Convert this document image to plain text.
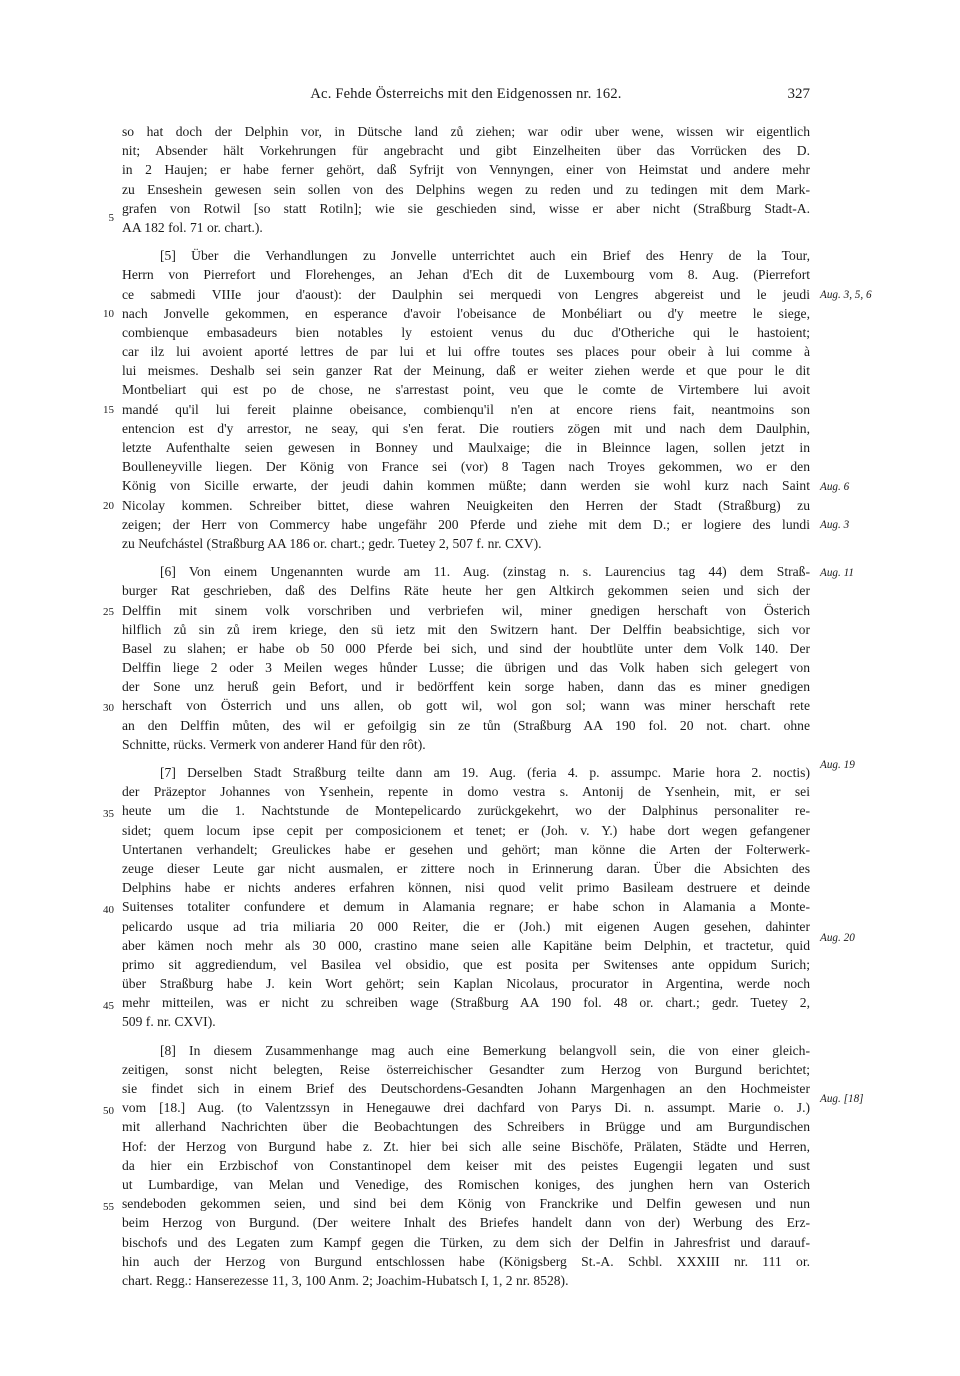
Ac. Fehde Österreichs mit den Eidgenossen nr. 162.	327
5
10
15
20
25
30
35
40
45
50
55
Aug. 3, 5, 6
Aug. 6
Aug. 3
Aug. 11
Aug. 19
Aug. 20
Aug. [18]
so hat doch der Delphin vor, in Dütsche land zů ziehen; war odir uber wene, wissen wir eigentlich
nit; Absender hält Vorkehrungen für angebracht und gibt Einzelheiten über das Vorrücken des D.
in 2 Haujen; er habe ferner gehört, daß Syfrijt von Vennyngen, einer von Heimstat und andere mehr
zu Enseshein gewesen sein sollen von des Delphins wegen zu reden und zu tedingen mit dem Mark-
grafen von Rotwil [so statt Rotiln]; wie sie geschieden sind, wisse er aber nicht (Straßburg Stadt-A.
AA 182 fol. 71 or. chart.).
[5] Über die Verhandlungen zu Jonvelle unterrichtet auch ein Brief des Henry de la Tour,
Herrn von Pierrefort und Florehenges, an Jehan d'Ech dit de Luxembourg vom 8. Aug. (Pierrefort
ce sabmedi VIIIe jour d'aoust): der Daulphin sei merquedi von Lengres abgereist und le jeudi
nach Jonvelle gekommen, en esperance d'avoir l'obeisance de Monbéliart ou d'y meetre le siege,
combienque embasadeurs bien notables ly estoient venus du duc d'Otheriche qui le hastoient;
car ilz lui avoient aporté lettres de par lui et lui offre toutes ses places pour obeir à lui comme à
lui meismes. Deshalb sei sein ganzer Rat der Meinung, daß er weiter ziehen werde et que pour le dit
Montbeliart qui est po de chose, ne s'arrestast point, veu que le comte de Virtembere lui avoit
mandé qu'il lui fereit plainne obeisance, combienqu'il n'en at encore riens fait, neantmoins son
entencion est d'y arrestor, ne seay, qui s'en ferat. Die routiers zögen mit und nach dem Daulphin,
letzte Aufenthalte seien gewesen in Bonney und Maulxaige; die in Bleinnce lagen, sollen jetzt in
Boulleneyville liegen. Der König von France sei (vor) 8 Tagen nach Troyes gekommen, wo er den
König von Sicille erwarte, der jeudi dahin kommen müßte; dann werden sie wohl kurz nach Saint
Nicolay kommen. Schreiber bittet, diese wahren Neuigkeiten den Herren der Stadt (Straßburg) zu
zeigen; der Herr von Commercy habe ungefähr 200 Pferde und ziehe mit dem D.; er logiere des lundi
zu Neufchástel (Straßburg AA 186 or. chart.; gedr. Tuetey 2, 507 f. nr. CXV).
[6] Von einem Ungenannten wurde am 11. Aug. (zinstag n. s. Laurencius tag 44) dem Straß-
burger Rat geschrieben, daß des Delfins Räte heute her gen Altkirch gekommen seien und sich der
Delffin mit sinem volk vorschriben und verbriefen wil, miner gnedigen herschaft von Österich
hilflich zů sin zů irem kriege, den sü ietz mit den Switzern hant. Der Delffin beabsichtige, sich vor
Basel zu slahen; er habe ob 50 000 Pferde bei sich, und sind der houbtlüte unter dem Volk 140. Der
Delffin liege 2 oder 3 Meilen weges hůnder Lusse; die übrigen und das Volk haben sich gelegert von
der Sone unz heruß gein Befort, und ir bedörffent kein sorge haben, dann das es miner gnedigen
herschaft von Österrich und uns allen, ob gott wil, wol gon sol; wann was miner herschaft rete
an den Delffin můten, des wil er gefoilgig sin ze tůn (Straßburg AA 190 fol. 20 not. chart. ohne
Schnitte, rücks. Vermerk von anderer Hand für den rôt).
[7] Derselben Stadt Straßburg teilte dann am 19. Aug. (feria 4. p. assumpc. Marie hora 2. noctis)
der Präzeptor Johannes von Ysenhein, repente in domo vestra s. Antonij de Ysenhein, mit, er sei
heute um die 1. Nachtstunde de Montepelicardo zurückgekehrt, wo der Dalphinus personaliter re-
sidet; quem locum ipse cepit per composicionem et tenet; er (Joh. v. Y.) habe dort wegen gefangener
Untertanen verhandelt; Greulickes habe er gesehen und gehört; man könne die Arten der Folterwerk-
zeuge dieser Leute gar nicht ausmalen, er zittere noch in Erinnerung daran. Über die Absichten des
Delphins habe er nichts anderes erfahren können, nisi quod velit primo Basileam destruere et deinde
Suitenses totaliter confundere et demum in Alamania regnare; er habe schon in Alamania a Monte-
pelicardo usque ad tria miliaria 20 000 Reiter, die er (Joh.) mit eigenen Augen gesehen, dahinter
aber kämen noch mehr als 30 000, crastino mane seien alle Kapitäne beim Delphin, et tractetur, quid
primo sit aggrediendum, vel Basilea vel obsidio, que est posita per Switenses ante oppidum Surich;
über Straßburg habe J. kein Wort gehört; sein Kaplan Nicolaus, procurator in Argentina, werde noch
mehr mitteilen, was er nicht zu schreiben wage (Straßburg AA 190 fol. 48 or. chart.; gedr. Tuetey 2,
509 f. nr. CXVI).
[8] In diesem Zusammenhange mag auch eine Bemerkung belangvoll sein, die von einer gleich-
zeitigen, sonst nicht belegten, Reise österreichischer Gesandter zum Herzog von Burgund berichtet;
sie findet sich in einem Brief des Deutschordens-Gesandten Johann Margenhagen an den Hochmeister
vom [18.] Aug. (to Valentzssyn in Henegauwe drei dachfard von Parys Di. n. assumpt. Marie o. J.)
mit allerhand Nachrichten über die Beobachtungen des Schreibers in Brügge und am Burgundischen
Hof: der Herzog von Burgund habe z. Zt. hier bei sich alle seine Bischöfe, Prälaten, Städte und Herren,
da hier ein Erzbischof von Constantinopel dem keiser mit des peistes Eugengii legaten und sust
ut Lumbardige, van Melan und Venedige, des Romischen koniges, des junghen hern van Osterich
sendeboden gekommen seien, und sind bei dem König von Franckrike und Delfin gewesen und nun
beim Herzog von Burgund. (Der weitere Inhalt des Briefes handelt dann von der) Werbung des Erz-
bischofs und des Legaten zum Kampf gegen die Türken, zu dem sich der Delfin in Jahresfrist und darauf-
hin auch der Herzog von Burgund entschlossen habe (Königsberg St.-A. Schbl. XXXIII nr. 111 or.
chart. Regg.: Hanserezesse 11, 3, 100 Anm. 2; Joachim-Hubatsch I, 1, 2 nr. 8528).
